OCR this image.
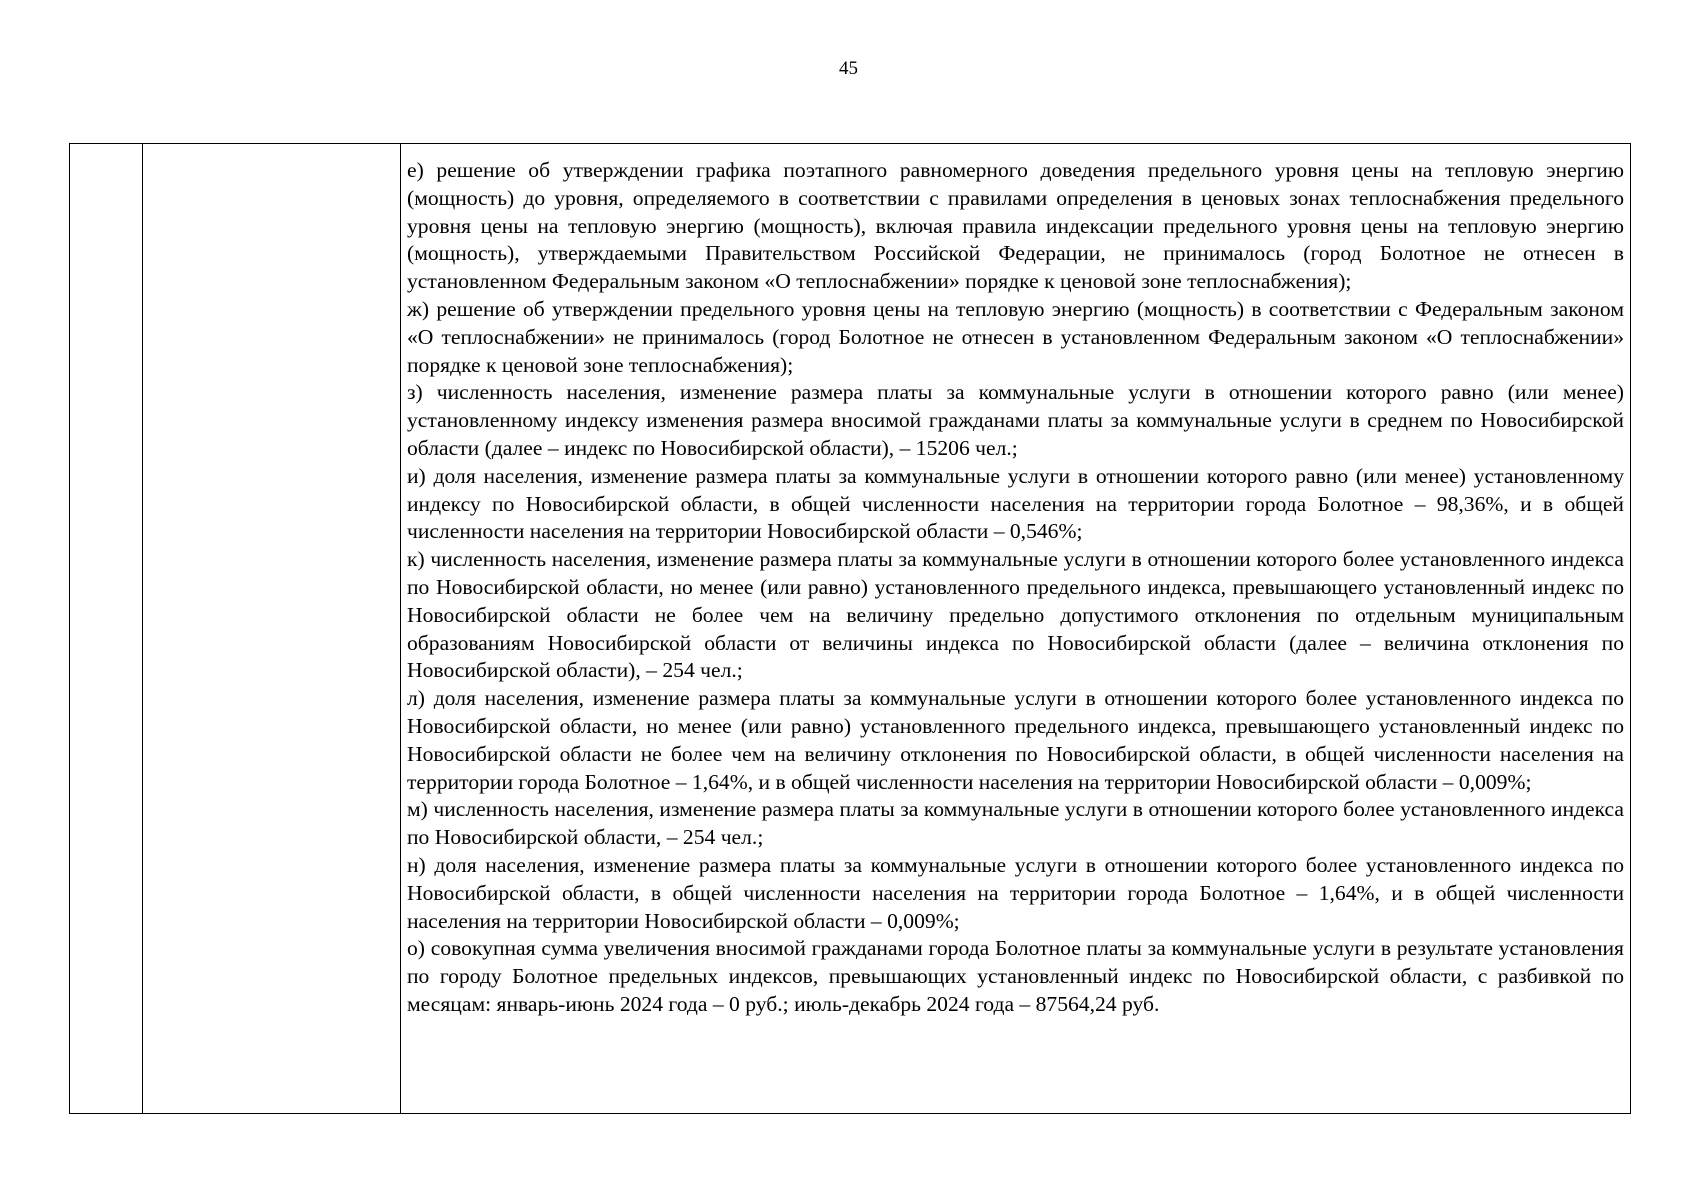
45

е) решение об утверждении графика поэтапного равномерного доведения предельного уровня цены на тепловую энергию (мощность) до уровня, определяемого в соответствии с правилами определения в ценовых зонах теплоснабжения предельного уровня цены на тепловую энергию (мощность), включая правила индексации предельного уровня цены на тепловую энергию (мощность), утверждаемыми Правительством Российской Федерации, не принималось (город Болотное не отнесен в установленном Федеральным законом «О теплоснабжении» порядке к ценовой зоне теплоснабжения);

ж) решение об утверждении предельного уровня цены на тепловую энергию (мощность) в соответствии с Федеральным законом «О теплоснабжении» не принималось (город Болотное не отнесен в установленном Федеральным законом «О теплоснабжении» порядке к ценовой зоне теплоснабжения);

з) численность населения, изменение размера платы за коммунальные услуги в отношении которого равно (или менее) установленному индексу изменения размера вносимой гражданами платы за коммунальные услуги в среднем по Новосибирской области (далее – индекс по Новосибирской области), – 15206 чел.;

и) доля населения, изменение размера платы за коммунальные услуги в отношении которого равно (или менее) установленному индексу по Новосибирской области, в общей численности населения на территории города Болотное – 98,36%, и в общей численности населения на территории Новосибирской области – 0,546%;

к) численность населения, изменение размера платы за коммунальные услуги в отношении которого более установленного индекса по Новосибирской области, но менее (или равно) установленного предельного индекса, превышающего установленный индекс по Новосибирской области не более чем на величину предельно допустимого отклонения по отдельным муниципальным образованиям Новосибирской области от величины индекса по Новосибирской области (далее – величина отклонения по Новосибирской области), – 254 чел.;

л) доля населения, изменение размера платы за коммунальные услуги в отношении которого более установленного индекса по Новосибирской области, но менее (или равно) установленного предельного индекса, превышающего установленный индекс по Новосибирской области не более чем на величину отклонения по Новосибирской области, в общей численности населения на территории города Болотное – 1,64%, и в общей численности населения на территории Новосибирской области – 0,009%;

м) численность населения, изменение размера платы за коммунальные услуги в отношении которого более установленного индекса по Новосибирской области, – 254 чел.;

н) доля населения, изменение размера платы за коммунальные услуги в отношении которого более установленного индекса по Новосибирской области, в общей численности населения на территории города Болотное – 1,64%, и в общей численности населения на территории Новосибирской области – 0,009%;

о) совокупная сумма увеличения вносимой гражданами города Болотное платы за коммунальные услуги в результате установления по городу Болотное предельных индексов, превышающих установленный индекс по Новосибирской области, с разбивкой по месяцам: январь-июнь 2024 года – 0 руб.; июль-декабрь 2024 года – 87564,24 руб.
